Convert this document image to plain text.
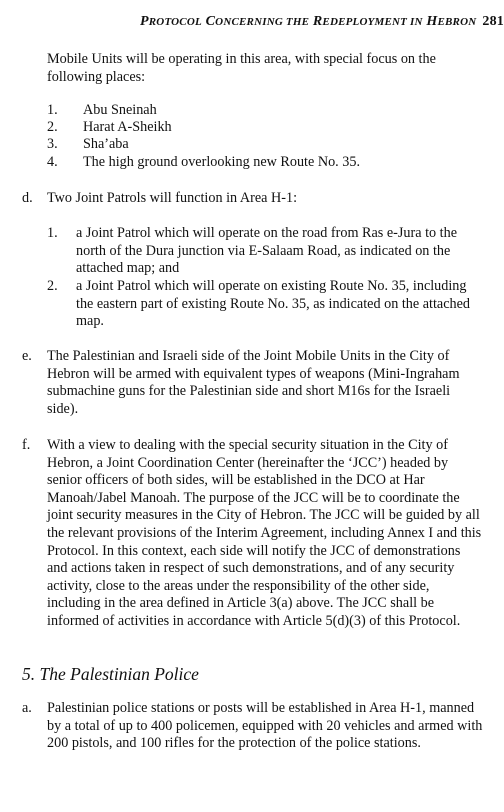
PROTOCOL CONCERNING THE REDEPLOYMENT IN HEBRON 281
Mobile Units will be operating in this area, with special focus on the following places:
1. Abu Sneinah
2. Harat A-Sheikh
3. Sha’aba
4. The high ground overlooking new Route No. 35.
d. Two Joint Patrols will function in Area H-1:
1. a Joint Patrol which will operate on the road from Ras e-Jura to the north of the Dura junction via E-Salaam Road, as indicated on the attached map; and
2. a Joint Patrol which will operate on existing Route No. 35, including the eastern part of existing Route No. 35, as indicated on the attached map.
e. The Palestinian and Israeli side of the Joint Mobile Units in the City of Hebron will be armed with equivalent types of weapons (Mini-Ingraham submachine guns for the Palestinian side and short M16s for the Israeli side).
f. With a view to dealing with the special security situation in the City of Hebron, a Joint Coordination Center (hereinafter the ‘JCC’) headed by senior officers of both sides, will be established in the DCO at Har Manoah/Jabel Manoah. The purpose of the JCC will be to coordinate the joint security measures in the City of Hebron. The JCC will be guided by all the relevant provisions of the Interim Agreement, including Annex I and this Protocol. In this context, each side will notify the JCC of demonstrations and actions taken in respect of such demonstrations, and of any security activity, close to the areas under the responsibility of the other side, including in the area defined in Article 3(a) above. The JCC shall be informed of activities in accordance with Article 5(d)(3) of this Protocol.
5. The Palestinian Police
a. Palestinian police stations or posts will be established in Area H-1, manned by a total of up to 400 policemen, equipped with 20 vehicles and armed with 200 pistols, and 100 rifles for the protection of the police stations.
